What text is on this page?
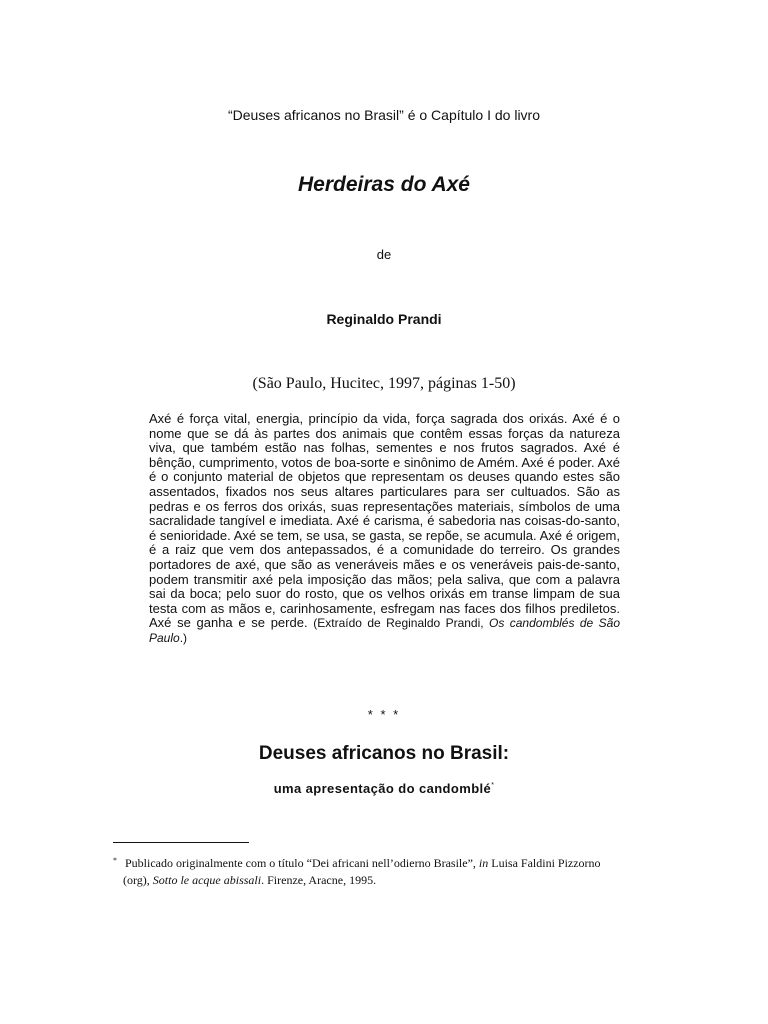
“Deuses africanos no Brasil” é o Capítulo I do livro
Herdeiras do Axé
de
Reginaldo Prandi
(São Paulo, Hucitec, 1997, páginas 1-50)
Axé é força vital, energia, princípio da vida, força sagrada dos orixás. Axé é o nome que se dá às partes dos animais que contêm essas forças da natureza viva, que também estão nas folhas, sementes e nos frutos sagrados. Axé é bênção, cumprimento, votos de boa-sorte e sinônimo de Amém. Axé é poder. Axé é o conjunto material de objetos que representam os deuses quando estes são assentados, fixados nos seus altares particulares para ser cultuados. São as pedras e os ferros dos orixás, suas representações materiais, símbolos de uma sacralidade tangível e imediata. Axé é carisma, é sabedoria nas coisas-do-santo, é senioridade. Axé se tem, se usa, se gasta, se repõe, se acumula. Axé é origem, é a raiz que vem dos antepassados, é a comunidade do terreiro. Os grandes portadores de axé, que são as veneráveis mães e os veneráveis pais-de-santo, podem transmitir axé pela imposição das mãos; pela saliva, que com a palavra sai da boca; pelo suor do rosto, que os velhos orixás em transe limpam de sua testa com as mãos e, carinhosamente, esfregam nas faces dos filhos prediletos. Axé se ganha e se perde. (Extraído de Reginaldo Prandi, Os candomblés de São Paulo.)
* * *
Deuses africanos no Brasil:
uma apresentação do candomblé*
* Publicado originalmente com o título “Dei africani nell’odierno Brasile”, in Luisa Faldini Pizzorno
(org), Sotto le acque abissali. Firenze, Aracne, 1995.
